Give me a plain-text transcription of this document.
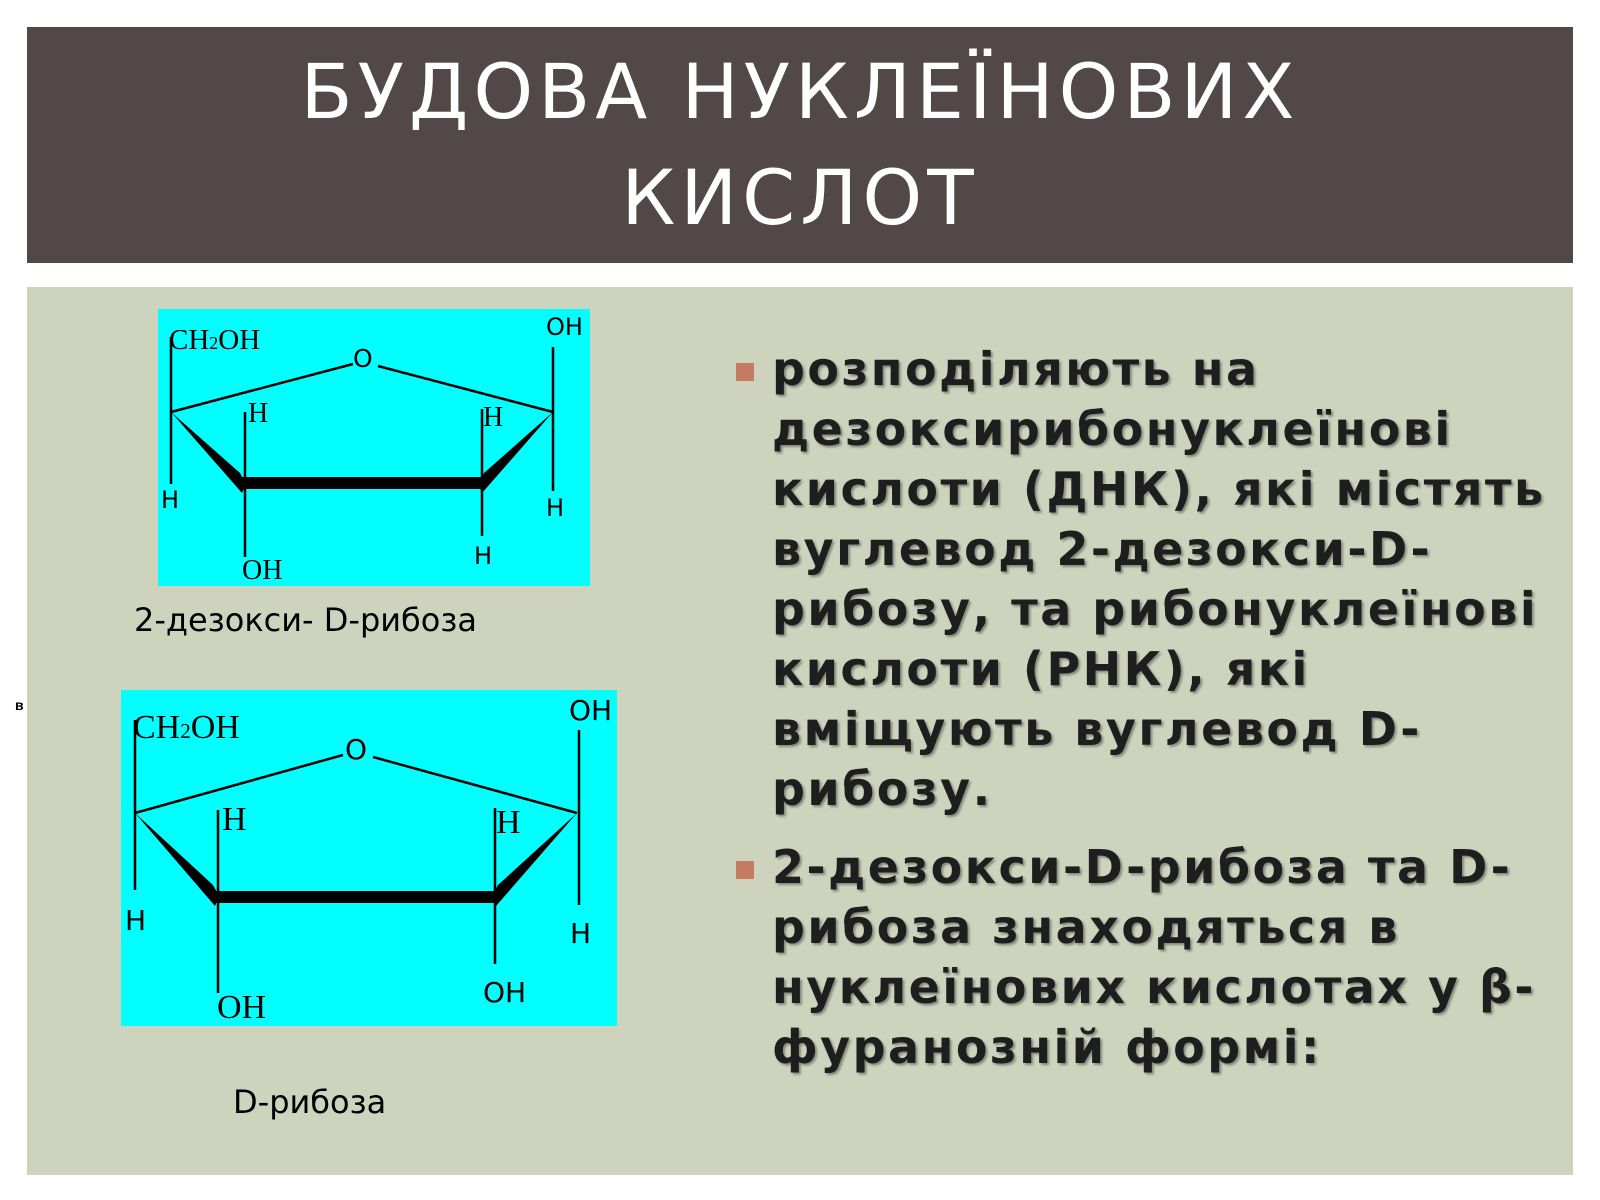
БУДОВА НУКЛЕЇНОВИХ КИСЛОТ
в
CH2OH
O
OH
H	H
H	H
H
OH
2-дезокси- D-рибоза
CH2OH
O
OH
H	H
H	H
OH
OH
D-рибоза
розподіляють на дезоксирибонуклеїнові кислоти (ДНК), які містять вуглевод 2-дезокси-D-рибозу, та рибонуклеїнові кислоти (РНК), які вміщують вуглевод D-рибозу.
2-дезокси-D-рибоза та D-рибоза знаходяться в нуклеїнових кислотах у β-фуранозній формі:
